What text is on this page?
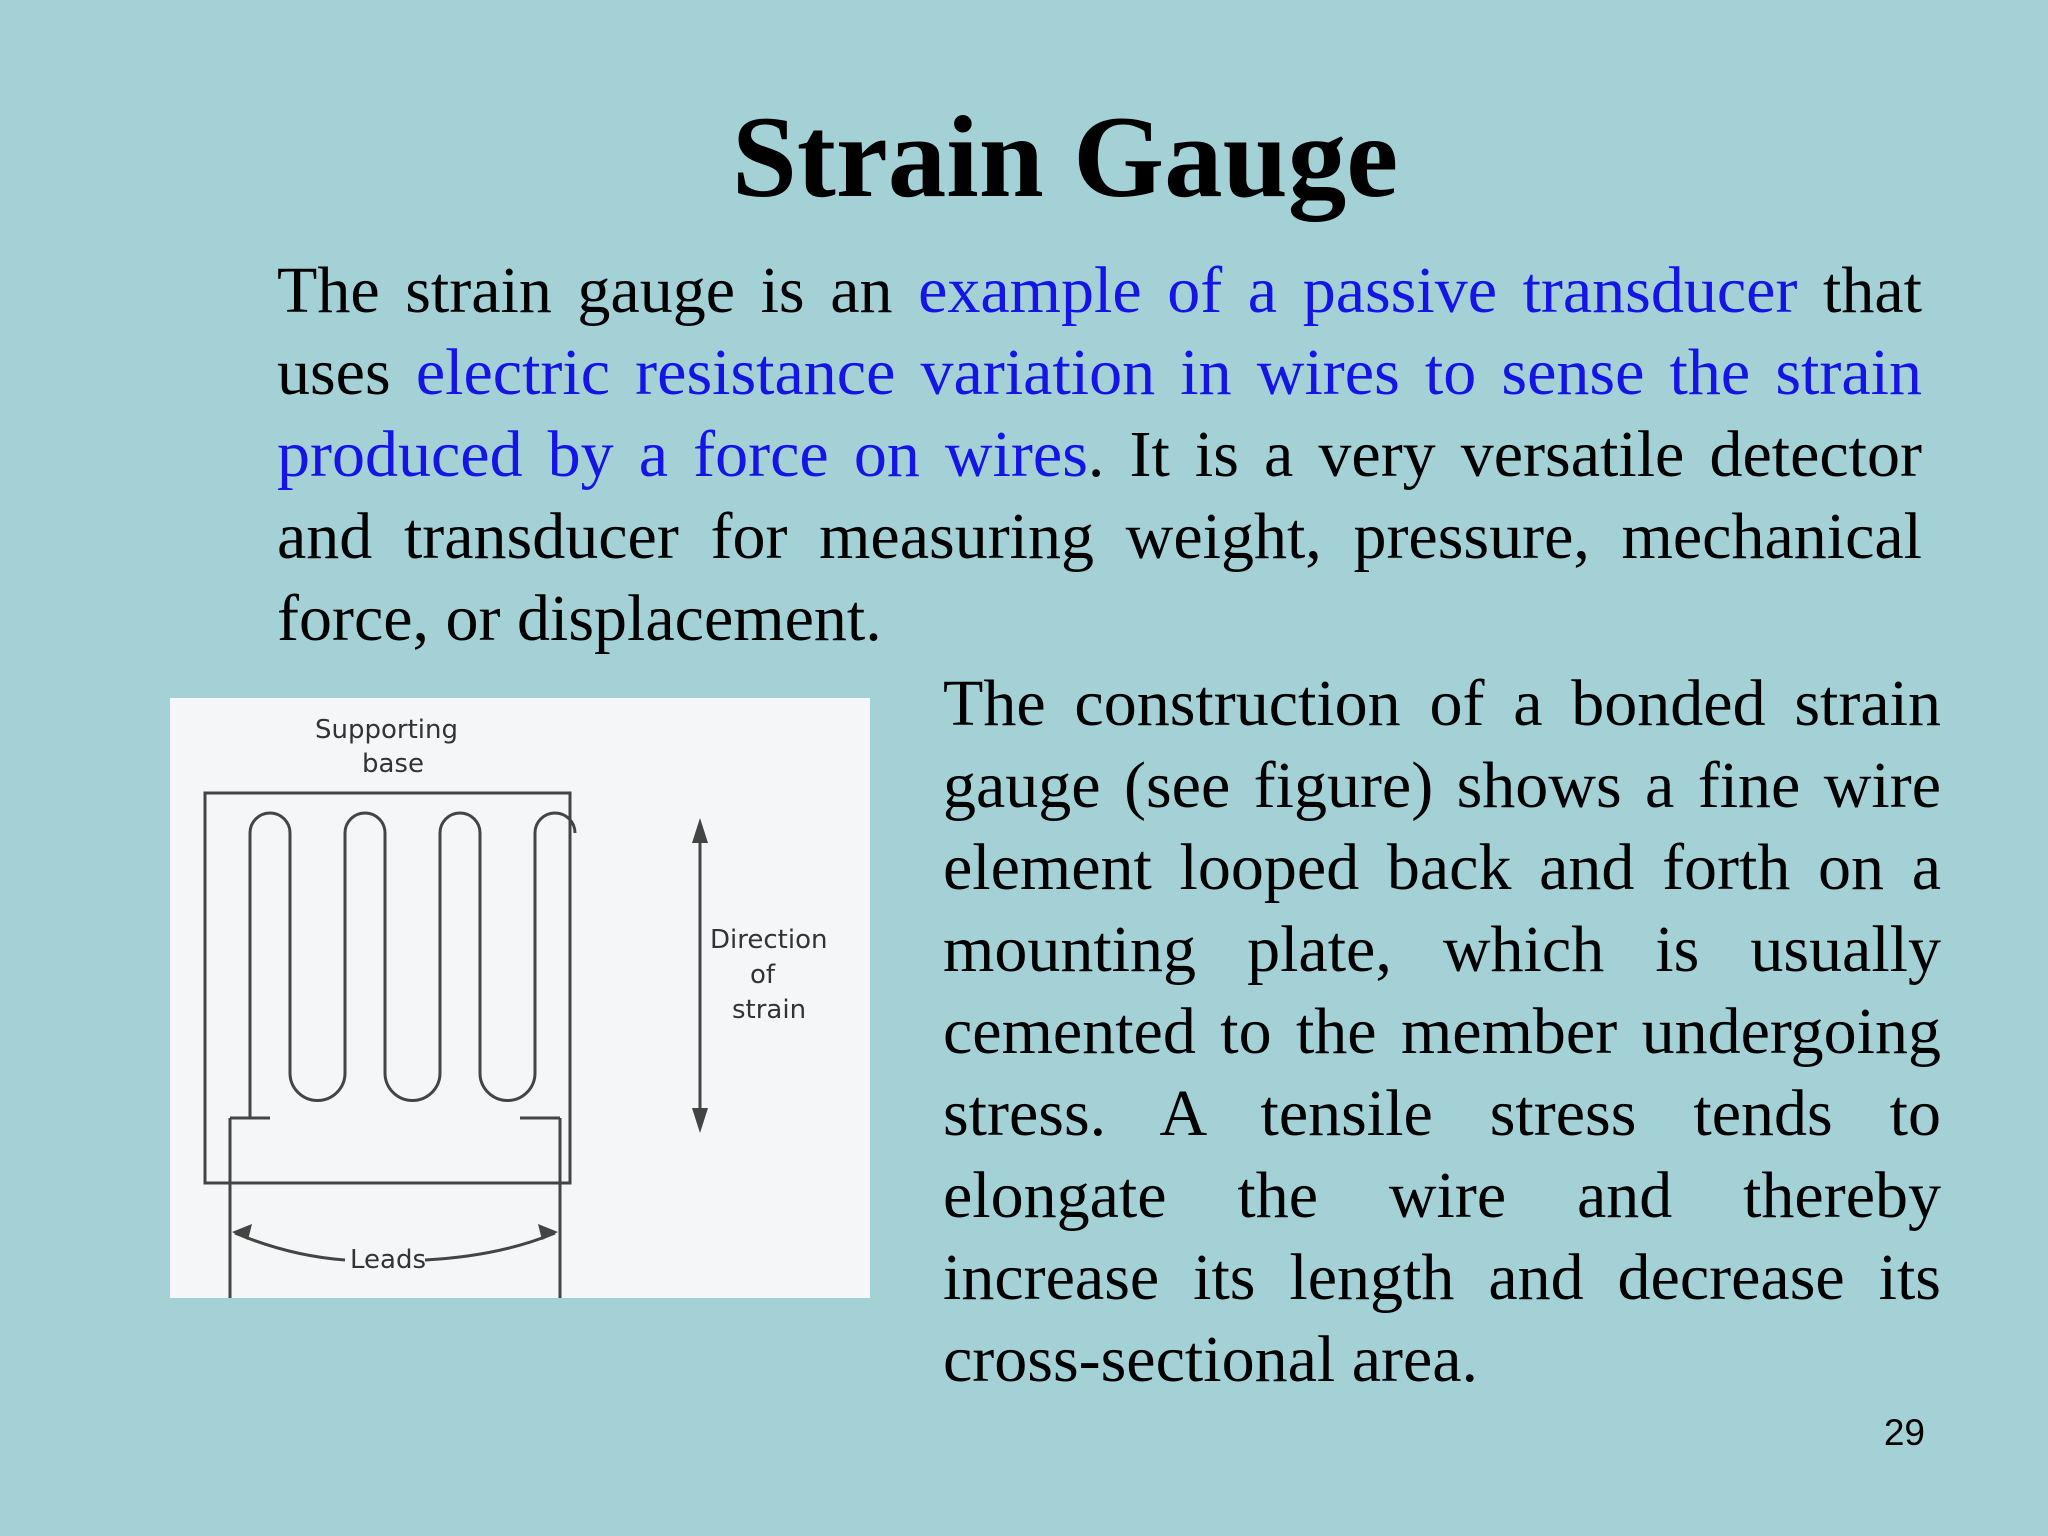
Strain Gauge
The strain gauge is an example of a passive transducer that uses electric resistance variation in wires to sense the strain produced by a force on wires. It is a very versatile detector and transducer for measuring weight, pressure, mechanical force, or displacement.
Supporting
base
Direction
of
strain
Leads
The construction of a bonded strain gauge (see figure) shows a fine wire element looped back and forth on a mounting plate, which is usually cemented to the member undergoing stress. A tensile stress tends to elongate the wire and thereby increase its length and decrease its cross-sectional area.
29
